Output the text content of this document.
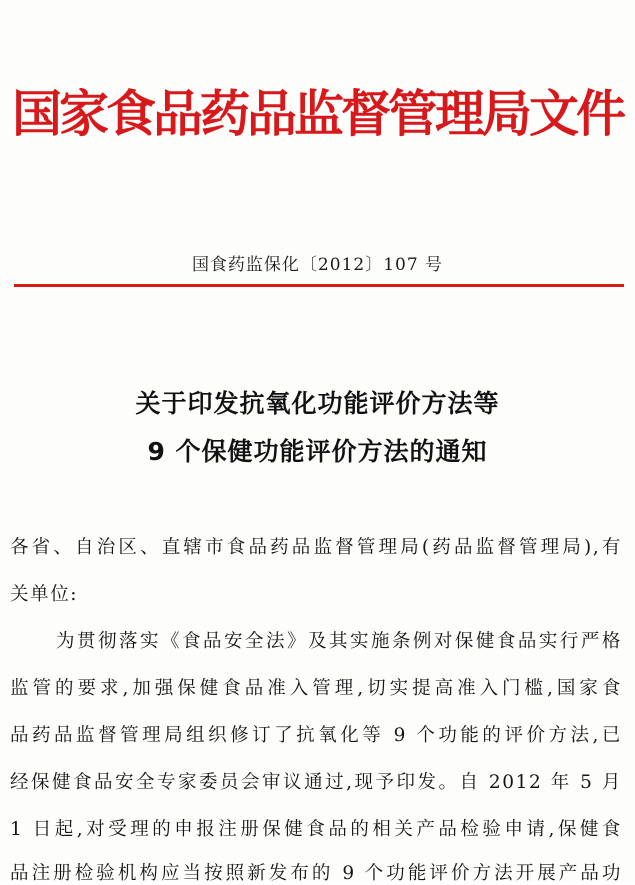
国家食品药品监督管理局文件
国食药监保化〔2012〕107 号
关于印发抗氧化功能评价方法等
9 个保健功能评价方法的通知
各省、自治区、直辖市食品药品监督管理局(药品监督管理局),有
关单位:
为贯彻落实《食品安全法》及其实施条例对保健食品实行严格
监管的要求,加强保健食品准入管理,切实提高准入门槛,国家食
品药品监督管理局组织修订了抗氧化等 9 个功能的评价方法,已
经保健食品安全专家委员会审议通过,现予印发。自 2012 年 5 月
1 日起,对受理的申报注册保健食品的相关产品检验申请,保健食
品注册检验机构应当按照新发布的 9 个功能评价方法开展产品功
